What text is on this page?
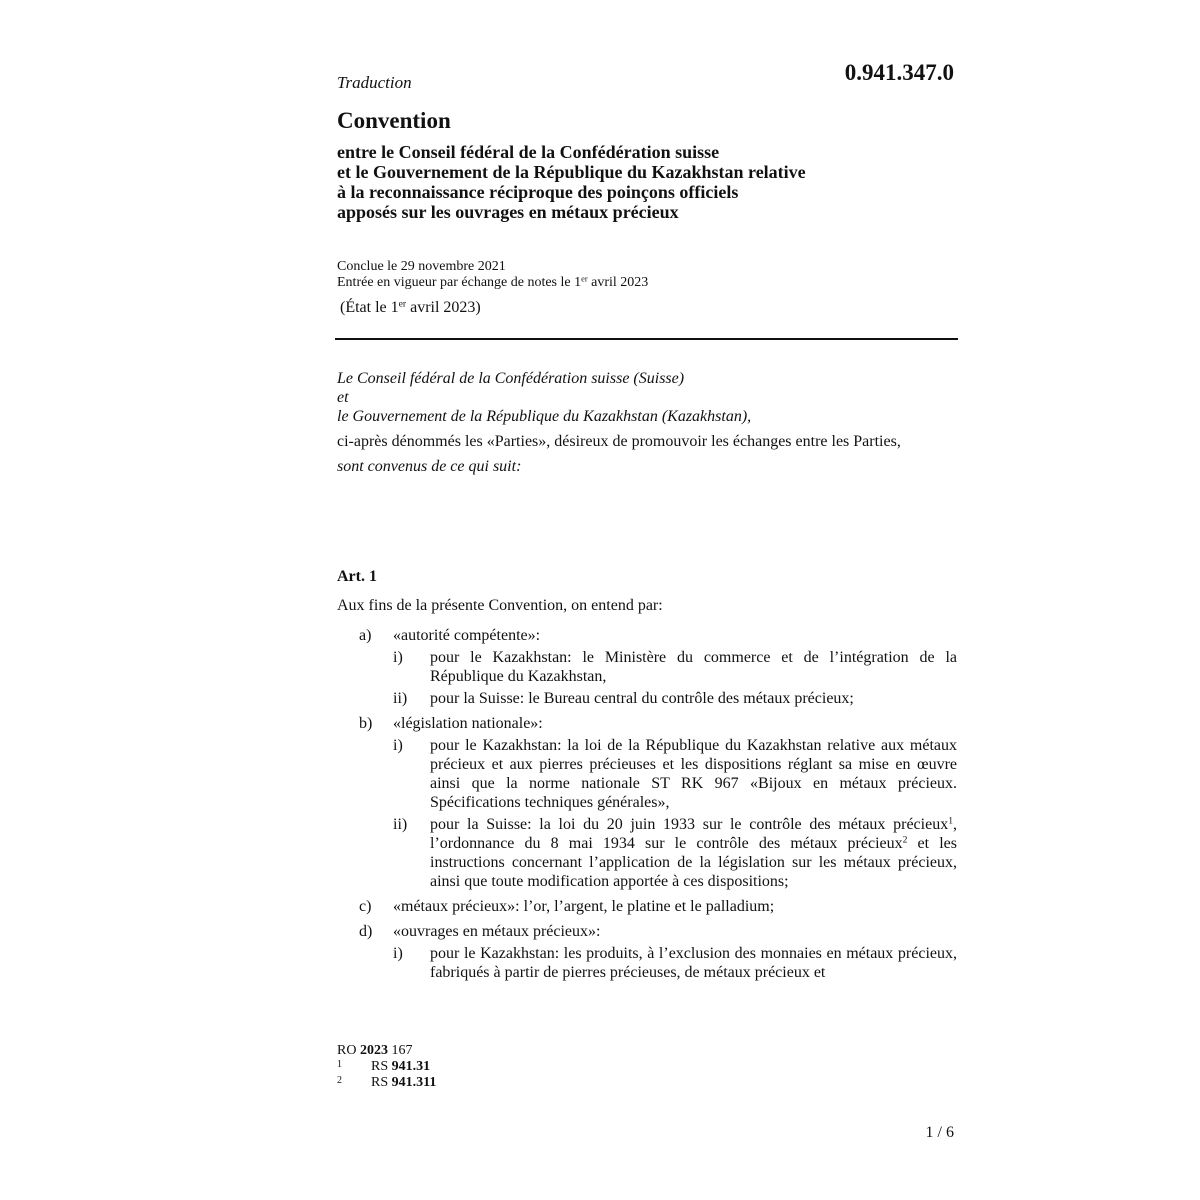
Traduction	0.941.347.0
Convention
entre le Conseil fédéral de la Confédération suisse
et le Gouvernement de la République du Kazakhstan relative
à la reconnaissance réciproque des poinçons officiels
apposés sur les ouvrages en métaux précieux
Conclue le 29 novembre 2021
Entrée en vigueur par échange de notes le 1er avril 2023
(État le 1er avril 2023)

Le Conseil fédéral de la Confédération suisse (Suisse)

et

le Gouvernement de la République du Kazakhstan (Kazakhstan),

ci-après dénommés les «Parties», désireux de promouvoir les échanges entre les Parties,

sont convenus de ce qui suit:

Art. 1
Aux fins de la présente Convention, on entend par:
a) «autorité compétente»:
i) pour le Kazakhstan: le Ministère du commerce et de l’intégration de la République du Kazakhstan,
ii) pour la Suisse: le Bureau central du contrôle des métaux précieux;
b) «législation nationale»:
i) pour le Kazakhstan: la loi de la République du Kazakhstan relative aux métaux précieux et aux pierres précieuses et les dispositions réglant sa mise en œuvre ainsi que la norme nationale ST RK 967 «Bijoux en métaux précieux. Spécifications techniques générales»,
ii) pour la Suisse: la loi du 20 juin 1933 sur le contrôle des métaux précieux$^1$, l’ordonnance du 8 mai 1934 sur le contrôle des métaux précieux$^2$ et les instructions concernant l’application de la législation sur les métaux précieux, ainsi que toute modification apportée à ces dispositions;
c) «métaux précieux»: l’or, l’argent, le platine et le palladium;
d) «ouvrages en métaux précieux»:
i) pour le Kazakhstan: les produits, à l’exclusion des monnaies en métaux précieux, fabriqués à partir de pierres précieuses, de métaux précieux et
RO 2023 167
1 RS 941.31
2 RS 941.311
1 / 6
